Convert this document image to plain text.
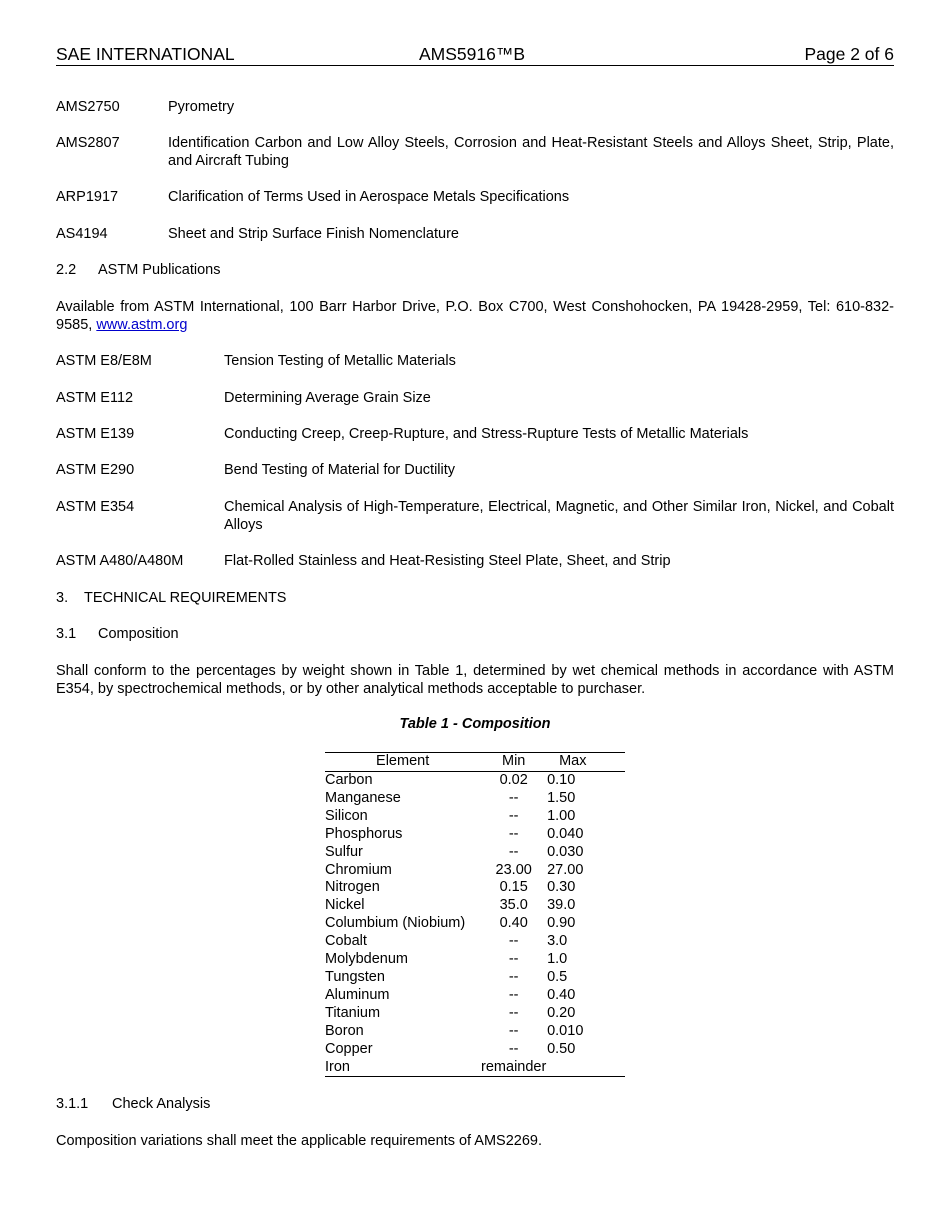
SAE INTERNATIONAL	AMS5916™B	Page 2 of 6
AMS2750	Pyrometry
AMS2807	Identification Carbon and Low Alloy Steels, Corrosion and Heat-Resistant Steels and Alloys Sheet, Strip, Plate, and Aircraft Tubing
ARP1917	Clarification of Terms Used in Aerospace Metals Specifications
AS4194	Sheet and Strip Surface Finish Nomenclature
2.2 ASTM Publications
Available from ASTM International, 100 Barr Harbor Drive, P.O. Box C700, West Conshohocken, PA 19428-2959, Tel: 610-832-9585, www.astm.org
ASTM E8/E8M	Tension Testing of Metallic Materials
ASTM E112	Determining Average Grain Size
ASTM E139	Conducting Creep, Creep-Rupture, and Stress-Rupture Tests of Metallic Materials
ASTM E290	Bend Testing of Material for Ductility
ASTM E354	Chemical Analysis of High-Temperature, Electrical, Magnetic, and Other Similar Iron, Nickel, and Cobalt Alloys
ASTM A480/A480M	Flat-Rolled Stainless and Heat-Resisting Steel Plate, Sheet, and Strip
3. TECHNICAL REQUIREMENTS
3.1 Composition
Shall conform to the percentages by weight shown in Table 1, determined by wet chemical methods in accordance with ASTM E354, by spectrochemical methods, or by other analytical methods acceptable to purchaser.
Table 1 - Composition
Element	Min	Max
Carbon	0.02	0.10
Manganese	--	1.50
Silicon	--	1.00
Phosphorus	--	0.040
Sulfur	--	0.030
Chromium	23.00	27.00
Nitrogen	0.15	0.30
Nickel	35.0	39.0
Columbium (Niobium)	0.40	0.90
Cobalt	--	3.0
Molybdenum	--	1.0
Tungsten	--	0.5
Aluminum	--	0.40
Titanium	--	0.20
Boron	--	0.010
Copper	--	0.50
Iron	remainder	
3.1.1 Check Analysis
Composition variations shall meet the applicable requirements of AMS2269.
